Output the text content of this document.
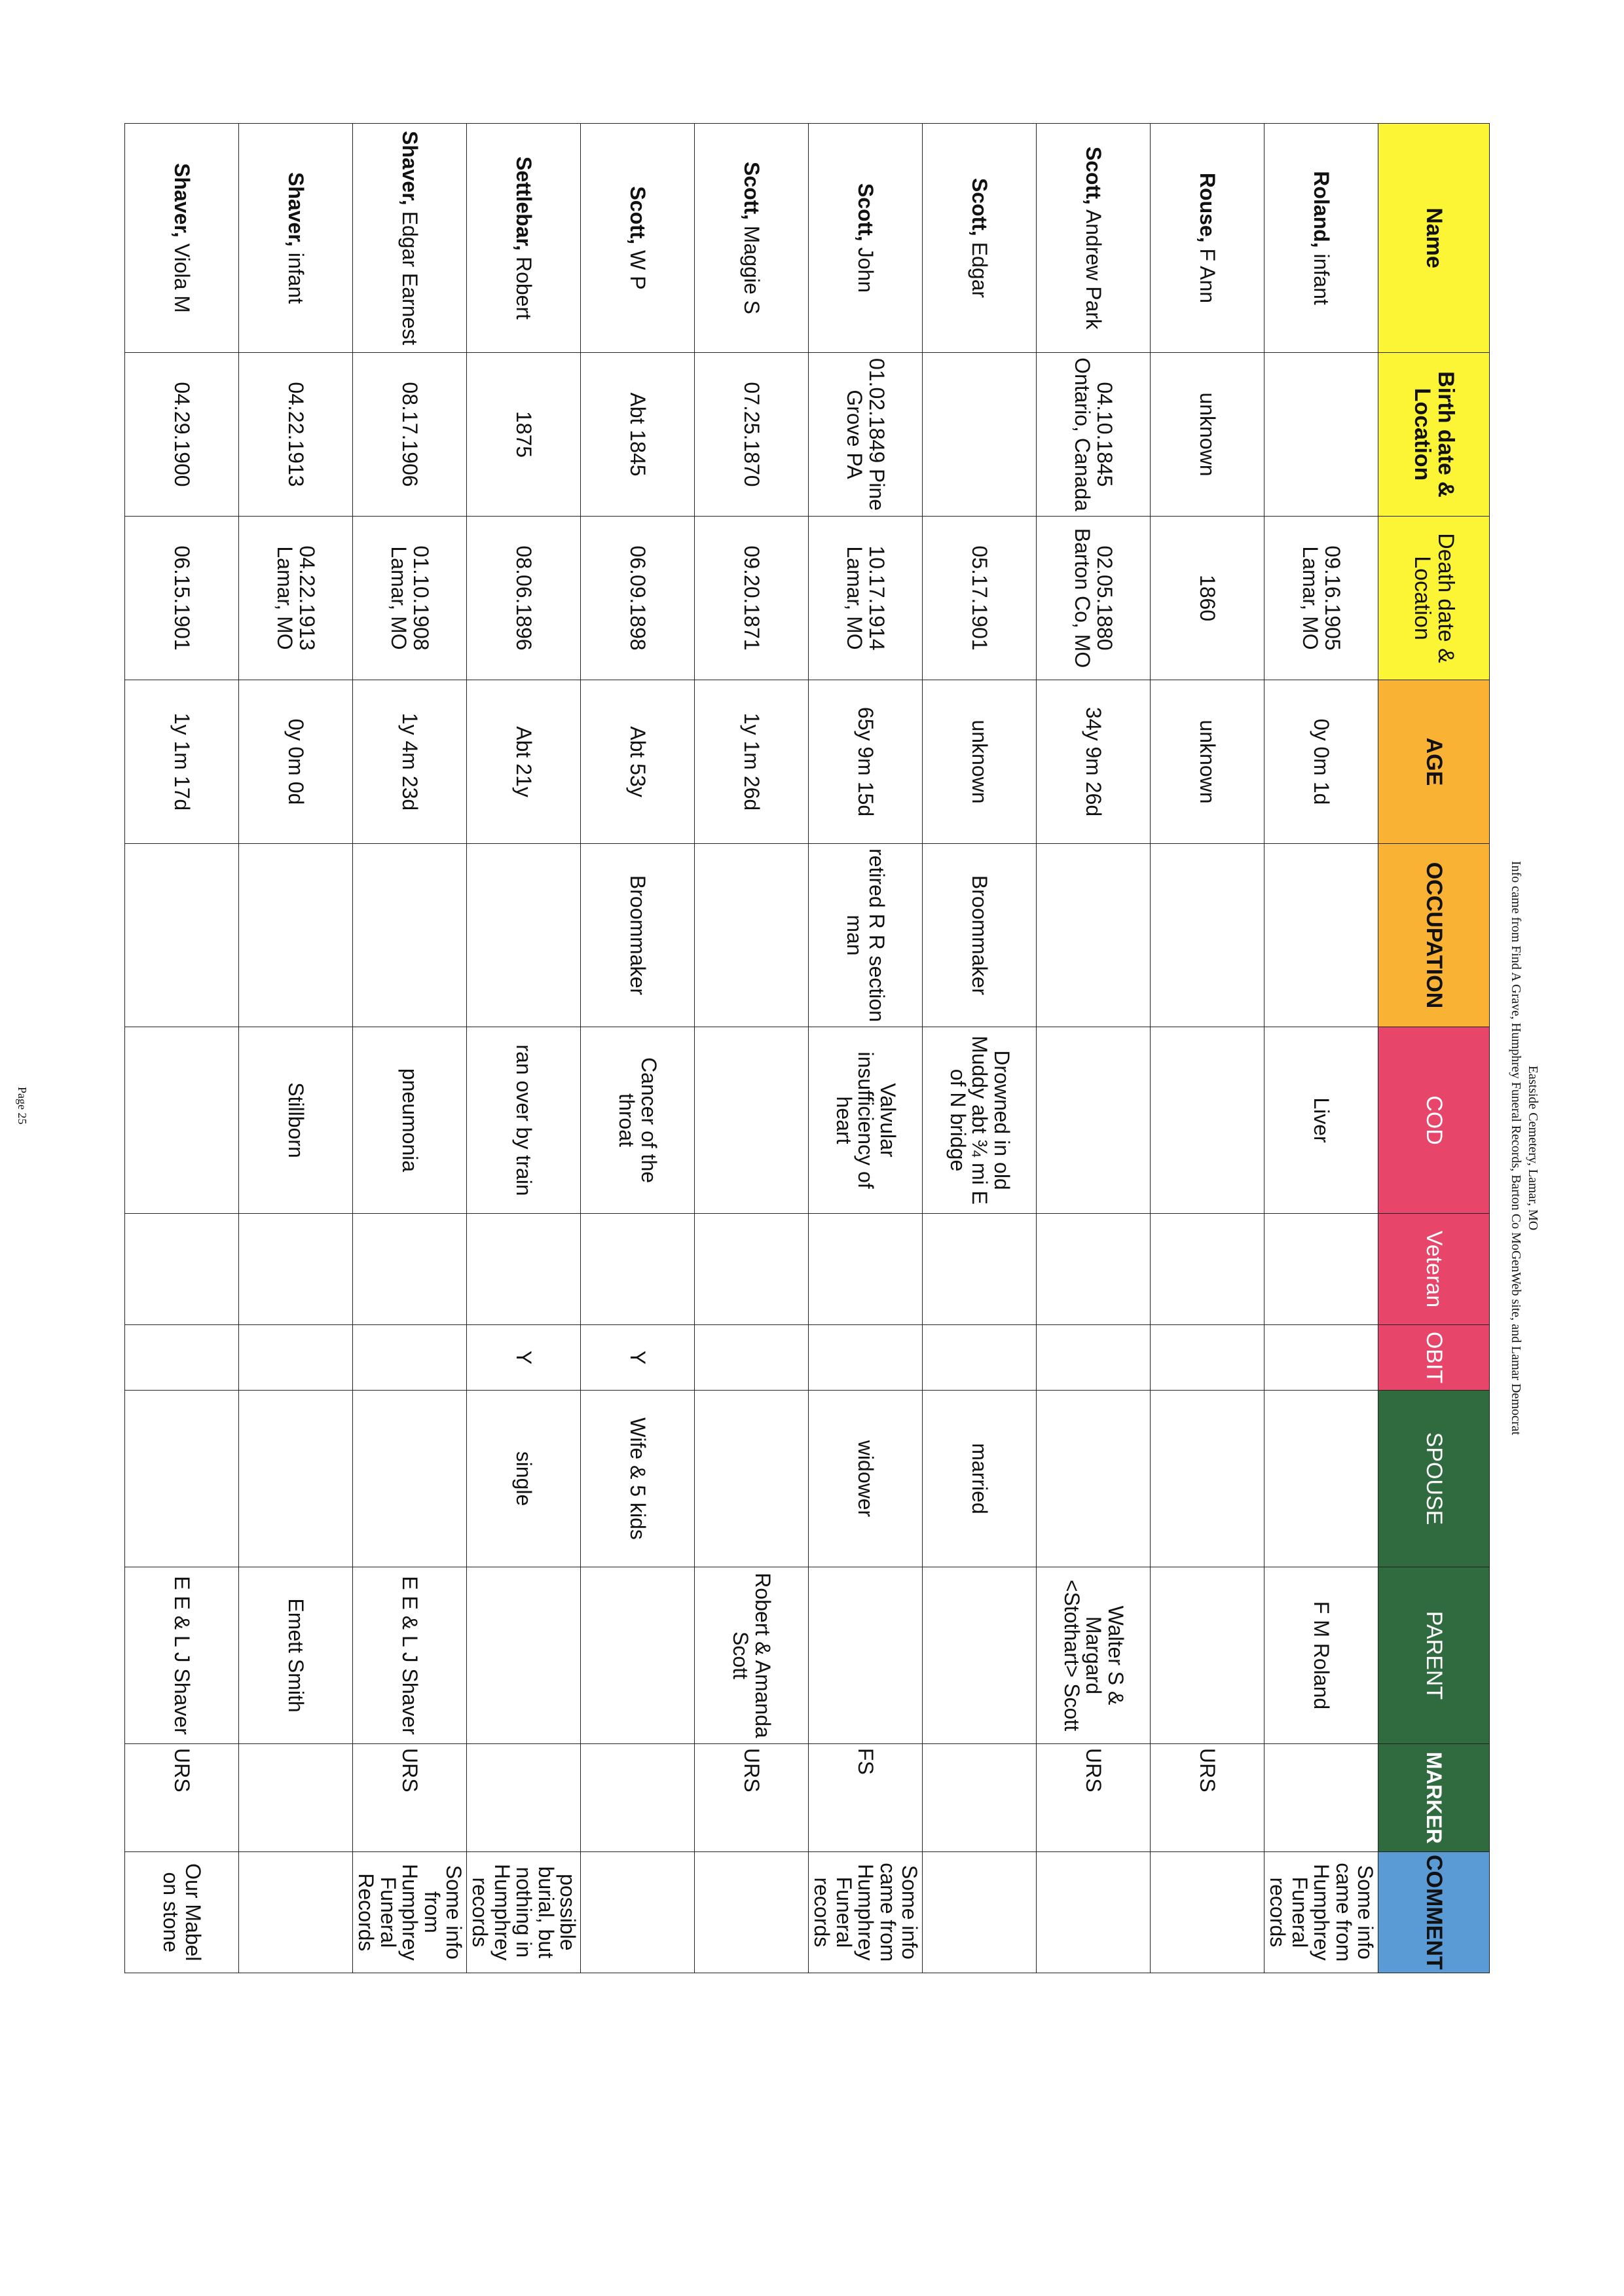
Eastside Cemetery, Lamar, MO
Info came from Find A Grave, Humphrey Funeral Records, Barton Co MoGenWeb site, and Lamar Democrat
Name	Birth date & Location	Death date & Location	AGE	OCCUPATION	COD	Veteran	OBIT	SPOUSE	PARENT	MARKER	COMMENT
Roland, infant		09.16.1905 Lamar, MO	0y 0m 1d		Liver				F M Roland		Some info came from Humphrey Funeral records
Rouse, F Ann	unknown	1860	unknown							URS	
Scott, Andrew Park	04.10.1845 Ontario, Canada	02.05.1880 Barton Co, MO	34y 9m 26d						Walter S & Margard <Stothart> Scott	URS	
Scott, Edgar		05.17.1901	unknown	Broommaker	Drowned in old Muddy abt ¾ mi E of N bridge			married			
Scott, John	01.02.1849 Pine Grove PA	10.17.1914 Lamar, MO	65y 9m 15d	retired R R section man	Valvular insufficiency of heart			widower		FS	Some info came from Humphrey Funeral records
Scott, Maggie S	07.25.1870	09.20.1871	1y 1m 26d						Robert & Amanda Scott	URS	
Scott, W P	Abt 1845	06.09.1898	Abt 53y	Broommaker	Cancer of the throat		Y	Wife & 5 kids			
Settlebar, Robert	1875	08.06.1896	Abt 21y		ran over by train		Y	single			possible burial, but nothing in Humphrey records
Shaver, Edgar Earnest	08.17.1906	01.10.1908 Lamar, MO	1y 4m 23d		pneumonia				E E & L J Shaver	URS	Some info from Humphrey Funeral Records
Shaver, infant	04.22.1913	04.22.1913 Lamar, MO	0y 0m 0d		Stillborn				Emett Smith		
Shaver, Viola M	04.29.1900	06.15.1901	1y 1m 17d						E E & L J Shaver	URS	Our Mabel on stone
Page 25
